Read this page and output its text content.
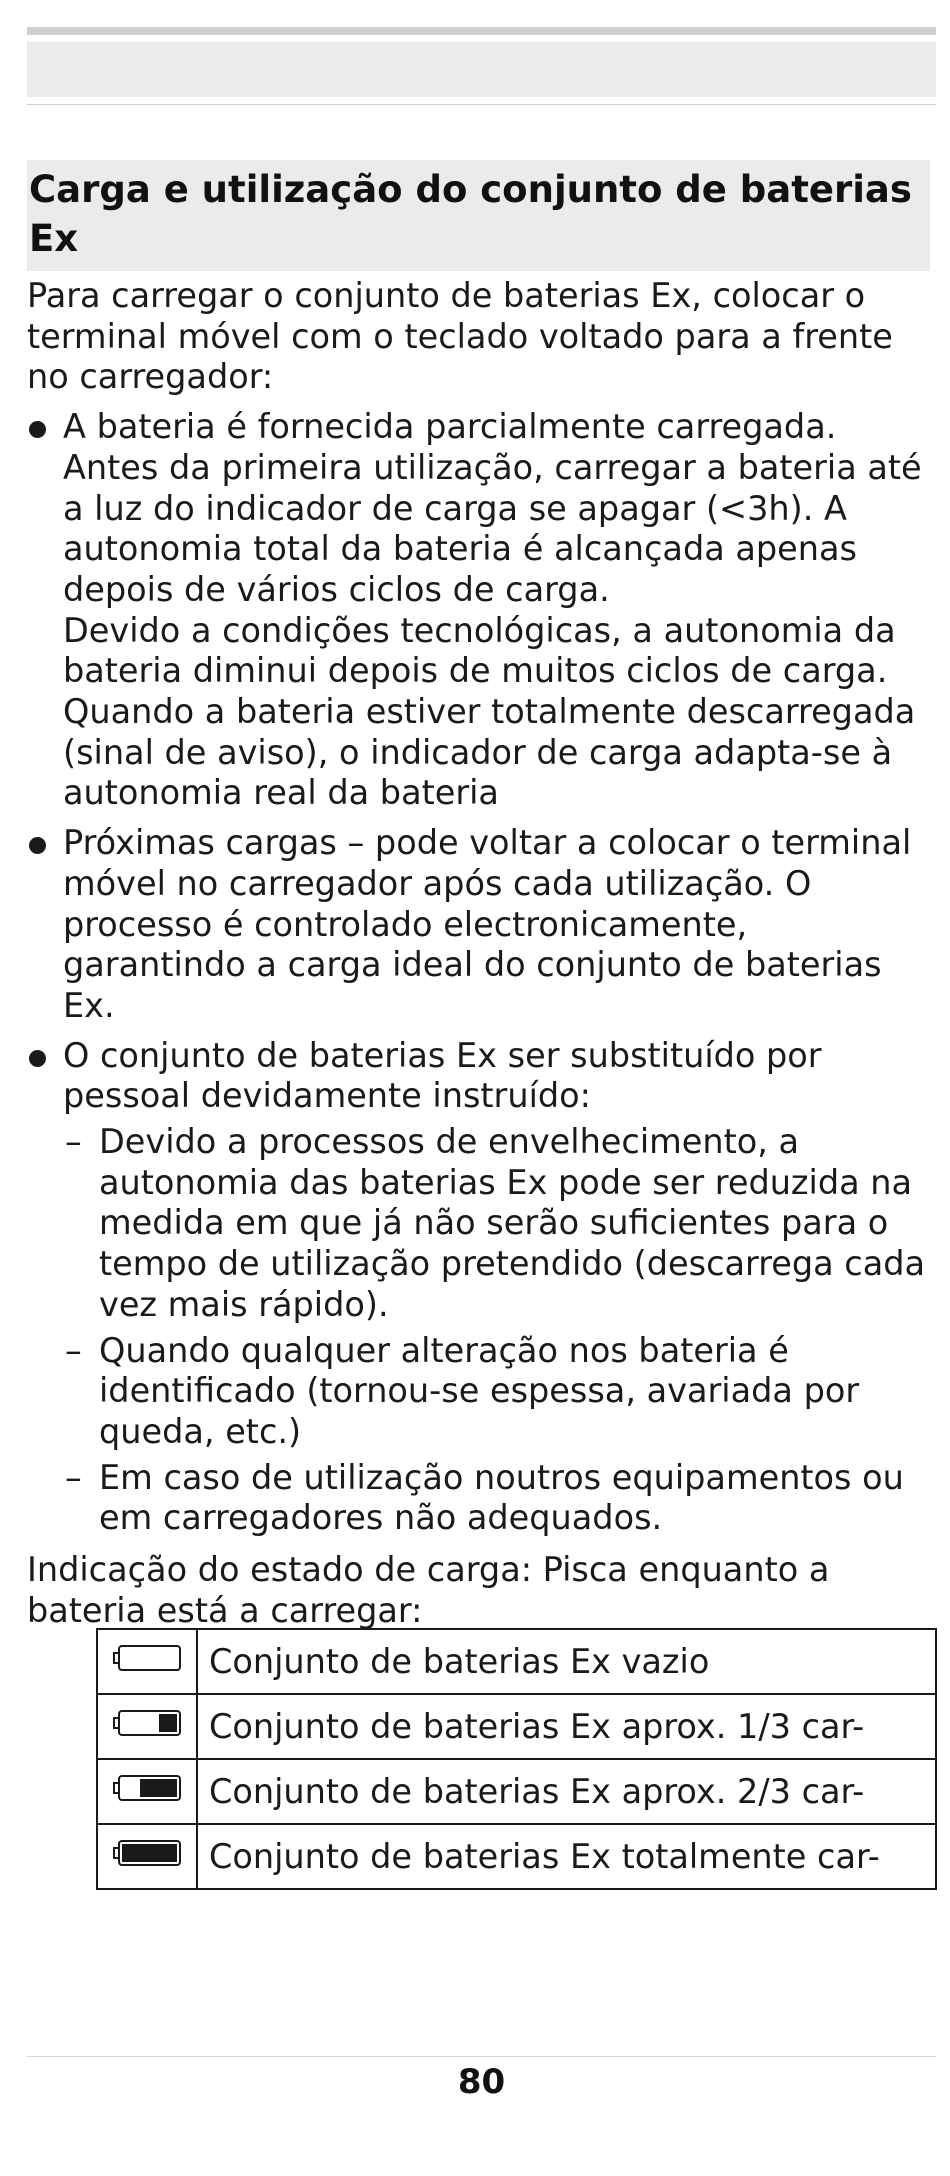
Carga e utilização do conjunto de baterias Ex

Para carregar o conjunto de baterias Ex, colocar o terminal móvel com o teclado voltado para a frente no carregador:

A bateria é fornecida parcialmente carregada. Antes da primeira utilização, carregar a bateria até a luz do indicador de carga se apagar (<3h). A autonomia total da bateria é alcançada apenas depois de vários ciclos de carga.
Devido a condições tecnológicas, a autonomia da bateria diminui depois de muitos ciclos de carga. Quando a bateria estiver totalmente descarregada (sinal de aviso), o indicador de carga adapta-se à autonomia real da bateria
Próximas cargas – pode voltar a colocar o terminal móvel no carregador após cada utilização. O processo é controlado electronicamente, garantindo a carga ideal do conjunto de baterias Ex.
O conjunto de baterias Ex ser substituído por pessoal devidamente instruído:
– Devido a processos de envelhecimento, a autonomia das baterias Ex pode ser reduzida na medida em que já não serão suficientes para o tempo de utilização pretendido (descarrega cada vez mais rápido).
– Quando qualquer alteração nos bateria é identificado (tornou-se espessa, avariada por queda, etc.)
– Em caso de utilização noutros equipamentos ou em carregadores não adequados.

Indicação do estado de carga: Pisca enquanto a bateria está a carregar:

	Conjunto de baterias Ex vazio
	Conjunto de baterias Ex aprox. 1/3 car-
	Conjunto de baterias Ex aprox. 2/3 car-
	Conjunto de baterias Ex totalmente car-
80
